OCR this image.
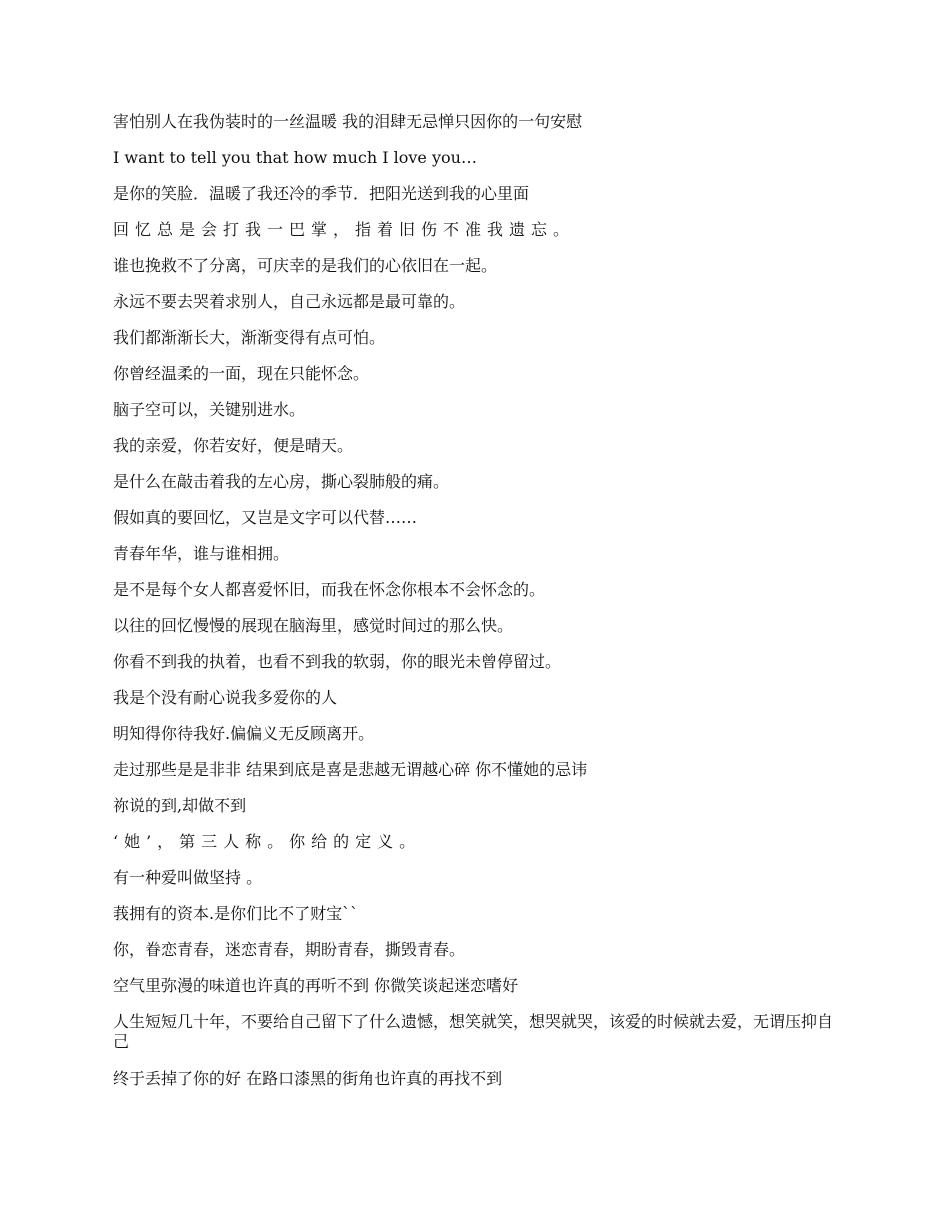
害怕别人在我伪装时的一丝温暖 我的泪肆无忌惮只因你的一句安慰

I want to tell you that how much I love you…

是你的笑脸．温暖了我还冷的季节．把阳光送到我的心里面

回忆总是会打我一巴掌，指着旧伤不准我遗忘。

谁也挽救不了分离，可庆幸的是我们的心依旧在一起。

永远不要去哭着求别人，自己永远都是最可靠的。

我们都渐渐长大，渐渐变得有点可怕。

你曾经温柔的一面，现在只能怀念。

脑子空可以，关键别进水。

我的亲爱，你若安好，便是晴天。

是什么在敲击着我的左心房，撕心裂肺般的痛。

假如真的要回忆，又岂是文字可以代替……

青春年华，谁与谁相拥。

是不是每个女人都喜爱怀旧，而我在怀念你根本不会怀念的。

以往的回忆慢慢的展现在脑海里，感觉时间过的那么快。

你看不到我的执着，也看不到我的软弱，你的眼光未曾停留过。

我是个没有耐心说我多爱你的人

明知得你待我好.偏偏义无反顾离开。

走过那些是是非非 结果到底是喜是悲越无谓越心碎 你不懂她的忌讳

祢说的到,却做不到

‘她’，第三人称。你给的定义。

有一种爱叫做坚持 。

莪拥有的资本.是你们比不了财宝``

你，眷恋青春，迷恋青春，期盼青春，撕毁青春。

空气里弥漫的味道也许真的再听不到 你微笑谈起迷恋嗜好

人生短短几十年，不要给自己留下了什么遗憾，想笑就笑，想哭就哭，该爱的时候就去爱，无谓压抑自己

终于丢掉了你的好 在路口漆黑的街角也许真的再找不到
